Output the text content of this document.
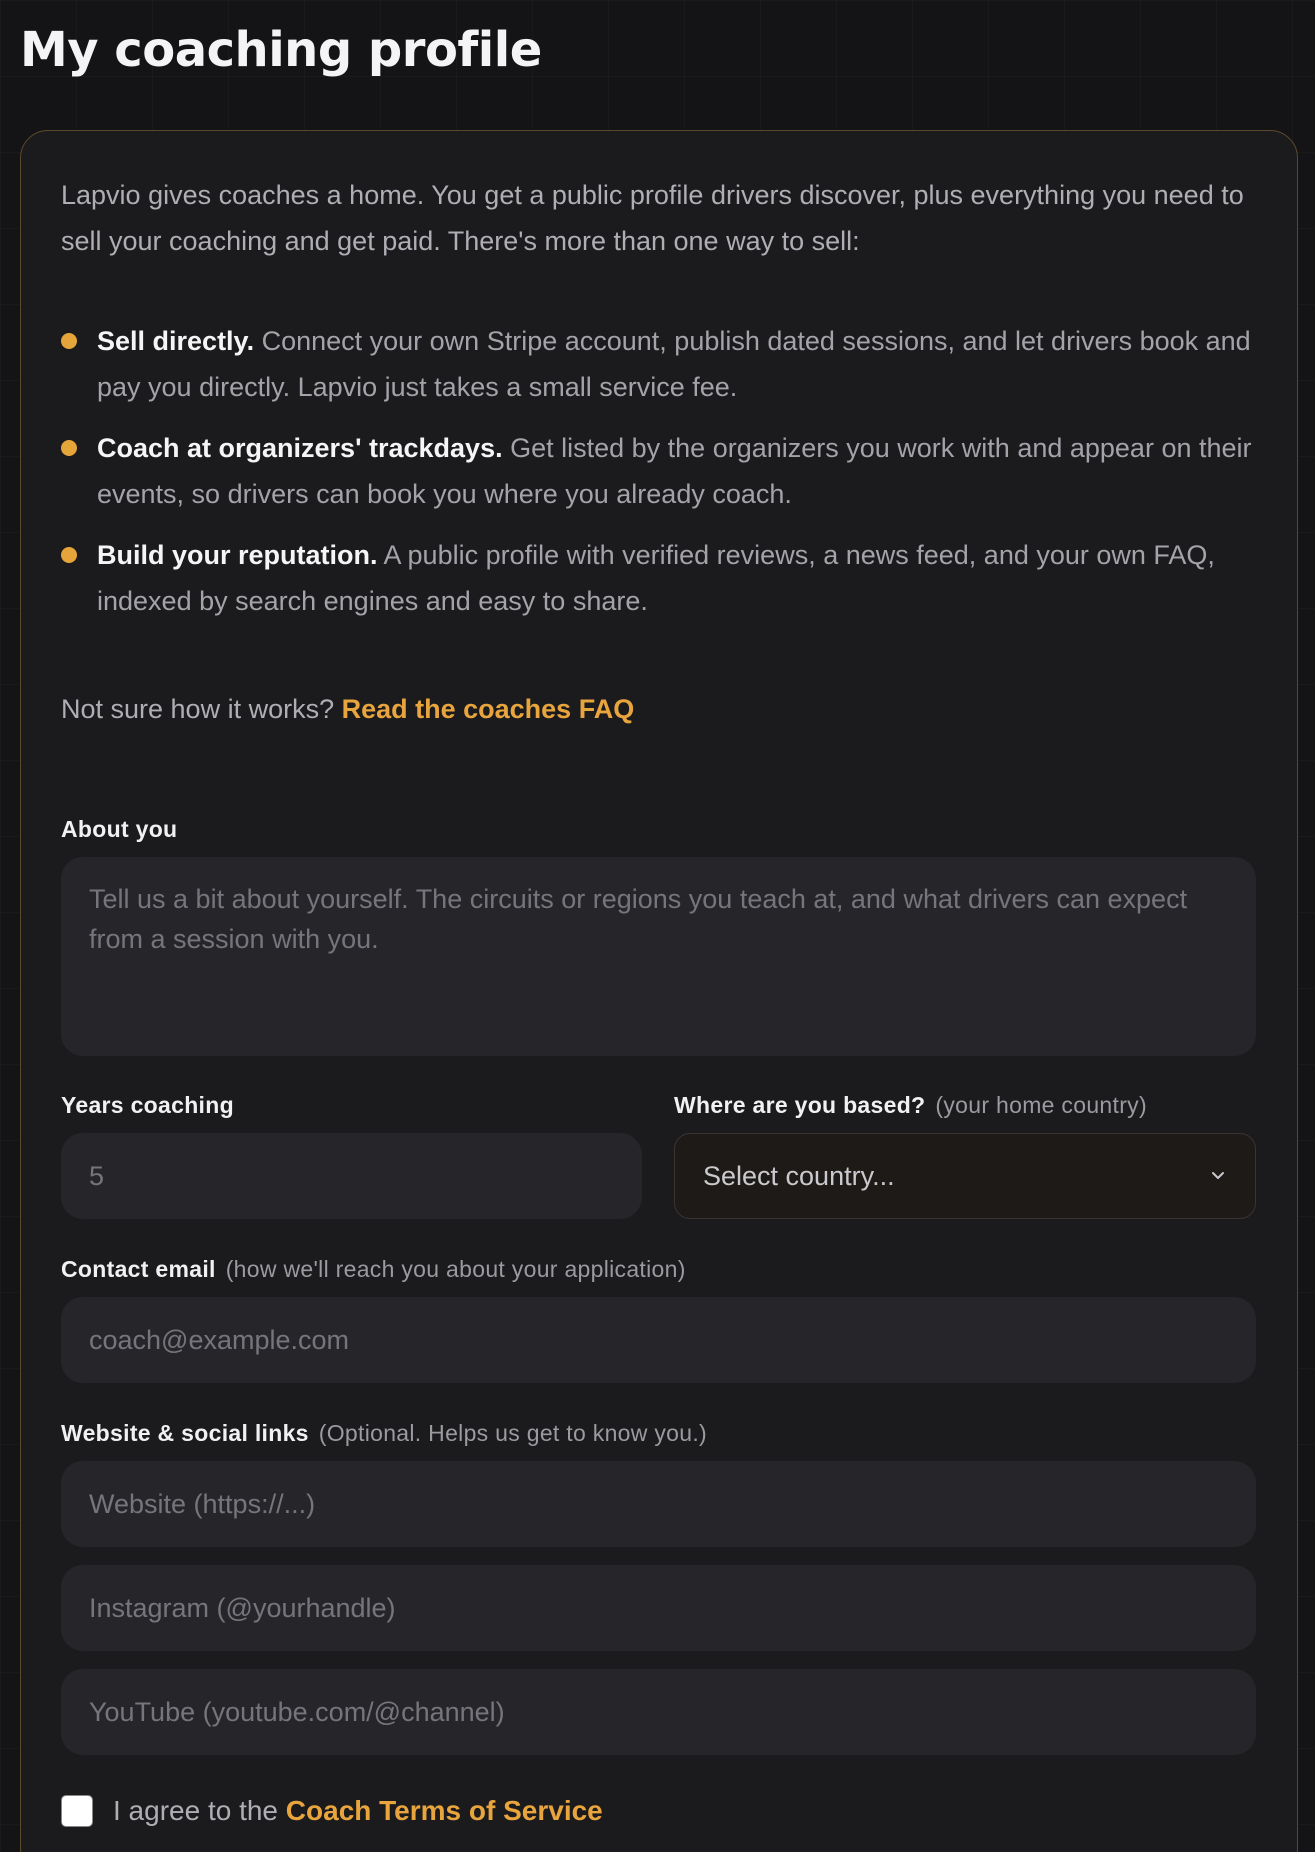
My coaching profile

Lapvio gives coaches a home. You get a public profile drivers discover, plus everything you need to sell your coaching and get paid. There's more than one way to sell:

Sell directly. Connect your own Stripe account, publish dated sessions, and let drivers book and pay you directly. Lapvio just takes a small service fee.
Coach at organizers' trackdays. Get listed by the organizers you work with and appear on their events, so drivers can book you where you already coach.
Build your reputation. A public profile with verified reviews, a news feed, and your own FAQ, indexed by search engines and easy to share.

Not sure how it works? Read the coaches FAQ

About you
Tell us a bit about yourself. The circuits or regions you teach at, and what drivers can expect from a session with you.
Years coaching
5	Where are you based? (your home country)
Select country...
Contact email (how we'll reach you about your application)
coach@example.com
Website & social links (Optional. Helps us get to know you.)
Website (https://...)
Instagram (@yourhandle)
YouTube (youtube.com/@channel)

I agree to the Coach Terms of Service
